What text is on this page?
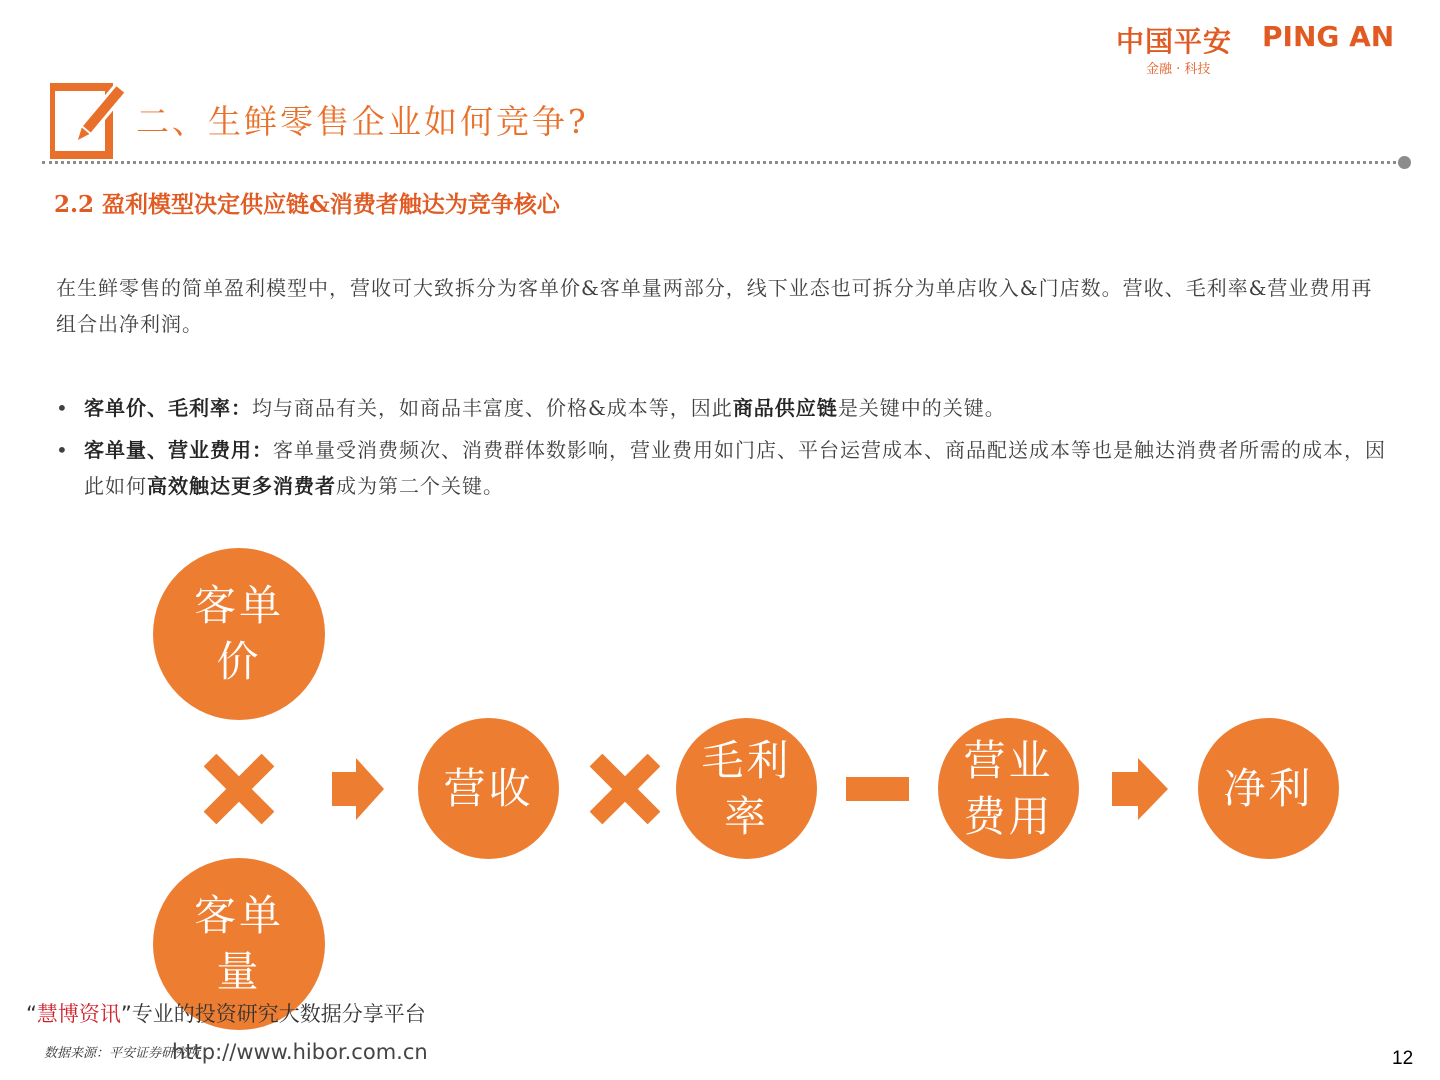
中国平安 PING AN
金融 · 科技
二、生鲜零售企业如何竞争?
2.2 盈利模型决定供应链&消费者触达为竞争核心

在生鲜零售的简单盈利模型中，营收可大致拆分为客单价&客单量两部分，线下业态也可拆分为单店收入&门店数。营收、毛利率&营业费用再组合出净利润。

• 客单价、毛利率：均与商品有关，如商品丰富度、价格&成本等，因此商品供应链是关键中的关键。
• 客单量、营业费用：客单量受消费频次、消费群体数影响，营业费用如门店、平台运营成本、商品配送成本等也是触达消费者所需的成本，因此如何高效触达更多消费者成为第二个关键。
客单
价
客单
量
营收
毛利
率
营业
费用
净利
“慧博资讯”专业的投资研究大数据分享平台
数据来源：平安证券研究所
http://www.hibor.com.cn	12
